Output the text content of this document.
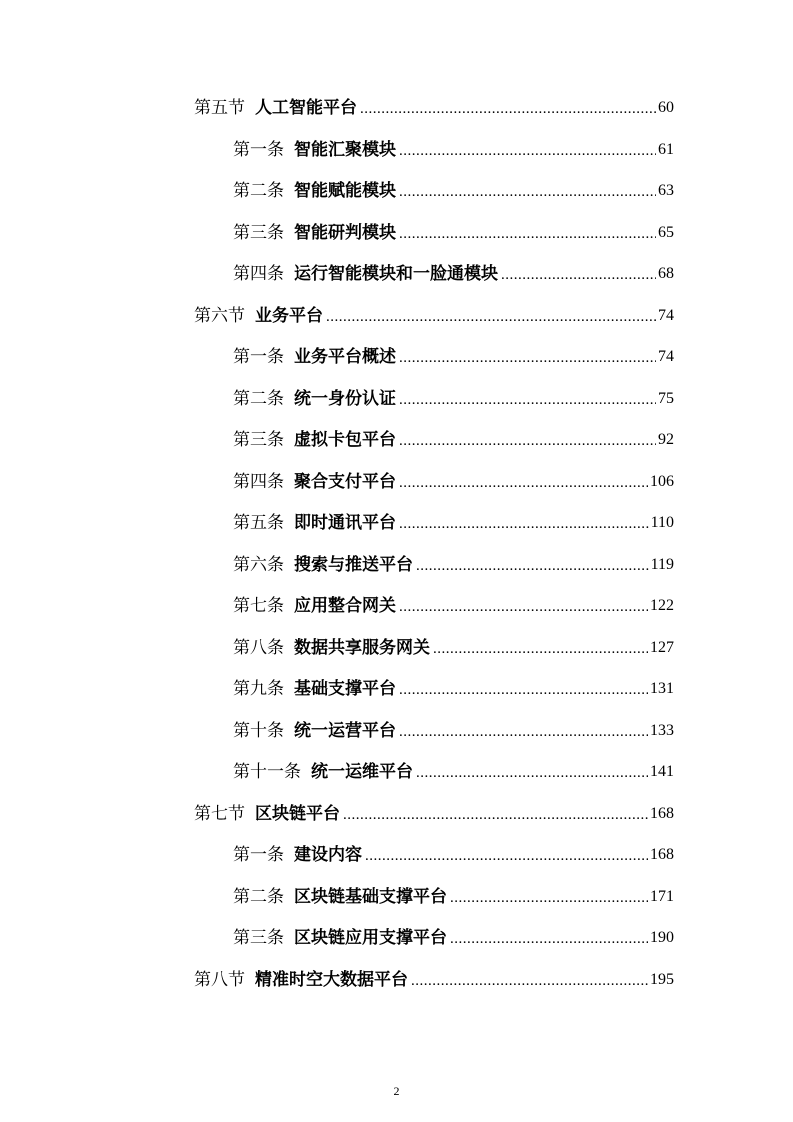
第五节 人工智能平台 .....	60
第一条 智能汇聚模块 .....	61
第二条 智能赋能模块 .....	63
第三条 智能研判模块 .....	65
第四条 运行智能模块和一脸通模块 .....	68
第六节 业务平台 .....	74
第一条 业务平台概述 .....	74
第二条 统一身份认证 .....	75
第三条 虚拟卡包平台 .....	92
第四条 聚合支付平台 .....	106
第五条 即时通讯平台 .....	110
第六条 搜索与推送平台 .....	119
第七条 应用整合网关 .....	122
第八条 数据共享服务网关 .....	127
第九条 基础支撑平台 .....	131
第十条 统一运营平台 .....	133
第十一条 统一运维平台 .....	141
第七节 区块链平台 .....	168
第一条 建设内容 .....	168
第二条 区块链基础支撑平台 .....	171
第三条 区块链应用支撑平台 .....	190
第八节 精准时空大数据平台 .....	195
2
